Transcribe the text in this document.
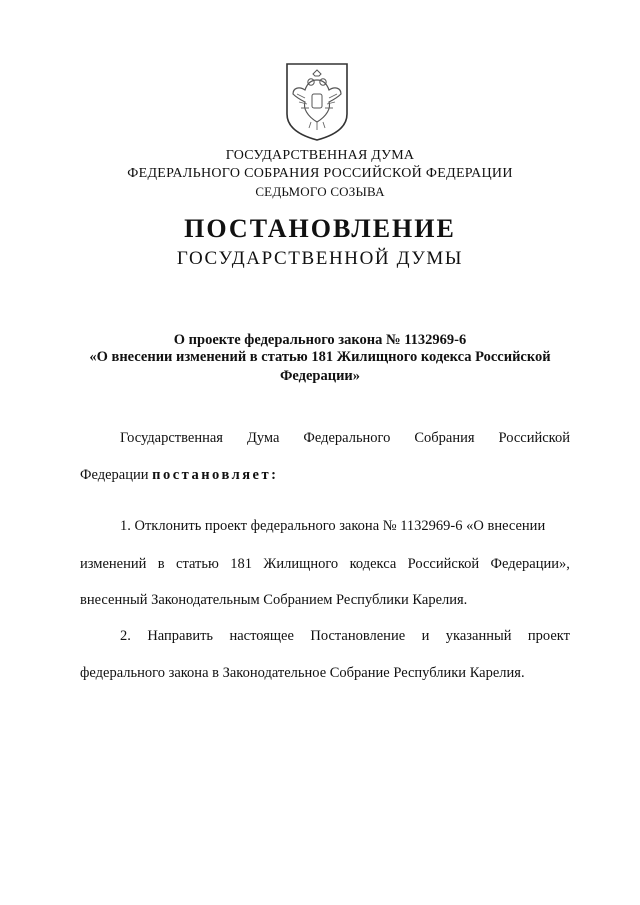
ГОСУДАРСТВЕННАЯ ДУМА
ФЕДЕРАЛЬНОГО СОБРАНИЯ РОССИЙСКОЙ ФЕДЕРАЦИИ
СЕДЬМОГО СОЗЫВА
ПОСТАНОВЛЕНИЕ
ГОСУДАРСТВЕННОЙ ДУМЫ
О проекте федерального закона № 1132969-6
«О внесении изменений в статью 181 Жилищного кодекса Российской
Федерации»
Государственная Дума Федерального Собрания Российской
Федерации постановляет:
1. Отклонить проект федерального закона № 1132969-6 «О внесении
изменений в статью 181 Жилищного кодекса Российской Федерации»,
внесенный Законодательным Собранием Республики Карелия.
2. Направить настоящее Постановление и указанный проект
федерального закона в Законодательное Собрание Республики Карелия.
